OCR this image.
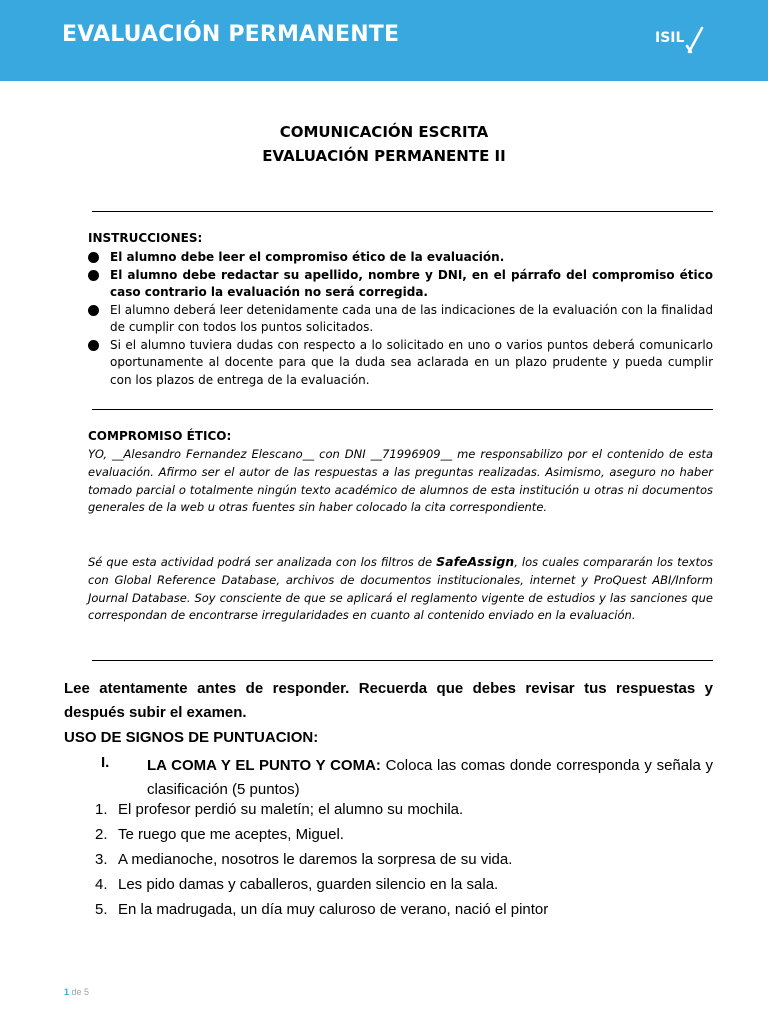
EVALUACIÓN PERMANENTE	ISIL
COMUNICACIÓN ESCRITA
EVALUACIÓN PERMANENTE II
INSTRUCCIONES:
El alumno debe leer el compromiso ético de la evaluación.
El alumno debe redactar su apellido, nombre y DNI, en el párrafo del compromiso ético caso contrario la evaluación no será corregida.
El alumno deberá leer detenidamente cada una de las indicaciones de la evaluación con la finalidad de cumplir con todos los puntos solicitados.
Si el alumno tuviera dudas con respecto a lo solicitado en uno o varios puntos deberá comunicarlo oportunamente al docente para que la duda sea aclarada en un plazo prudente y pueda cumplir con los plazos de entrega de la evaluación.
COMPROMISO ÉTICO:

YO, __Alesandro Fernandez Elescano__ con DNI __71996909__ me responsabilizo por el contenido de esta evaluación. Afirmo ser el autor de las respuestas a las preguntas realizadas. Asimismo, aseguro no haber tomado parcial o totalmente ningún texto académico de alumnos de esta institución u otras ni documentos generales de la web u otras fuentes sin haber colocado la cita correspondiente.

Sé que esta actividad podrá ser analizada con los filtros de SafeAssign, los cuales compararán los textos con Global Reference Database, archivos de documentos institucionales, internet y ProQuest ABI/Inform Journal Database. Soy consciente de que se aplicará el reglamento vigente de estudios y las sanciones que correspondan de encontrarse irregularidades en cuanto al contenido enviado en la evaluación.

Lee atentamente antes de responder. Recuerda que debes revisar tus respuestas y después subir el examen.

USO DE SIGNOS DE PUNTUACION:
I.	LA COMA Y EL PUNTO Y COMA: Coloca las comas donde corresponda y señala y clasificación (5 puntos)

1. El profesor perdió su maletín; el alumno su mochila.
2. Te ruego que me aceptes, Miguel.
3. A medianoche, nosotros le daremos la sorpresa de su vida.
4. Les pido damas y caballeros, guarden silencio en la sala.
5. En la madrugada, un día muy caluroso de verano, nació el pintor
1 de 5
